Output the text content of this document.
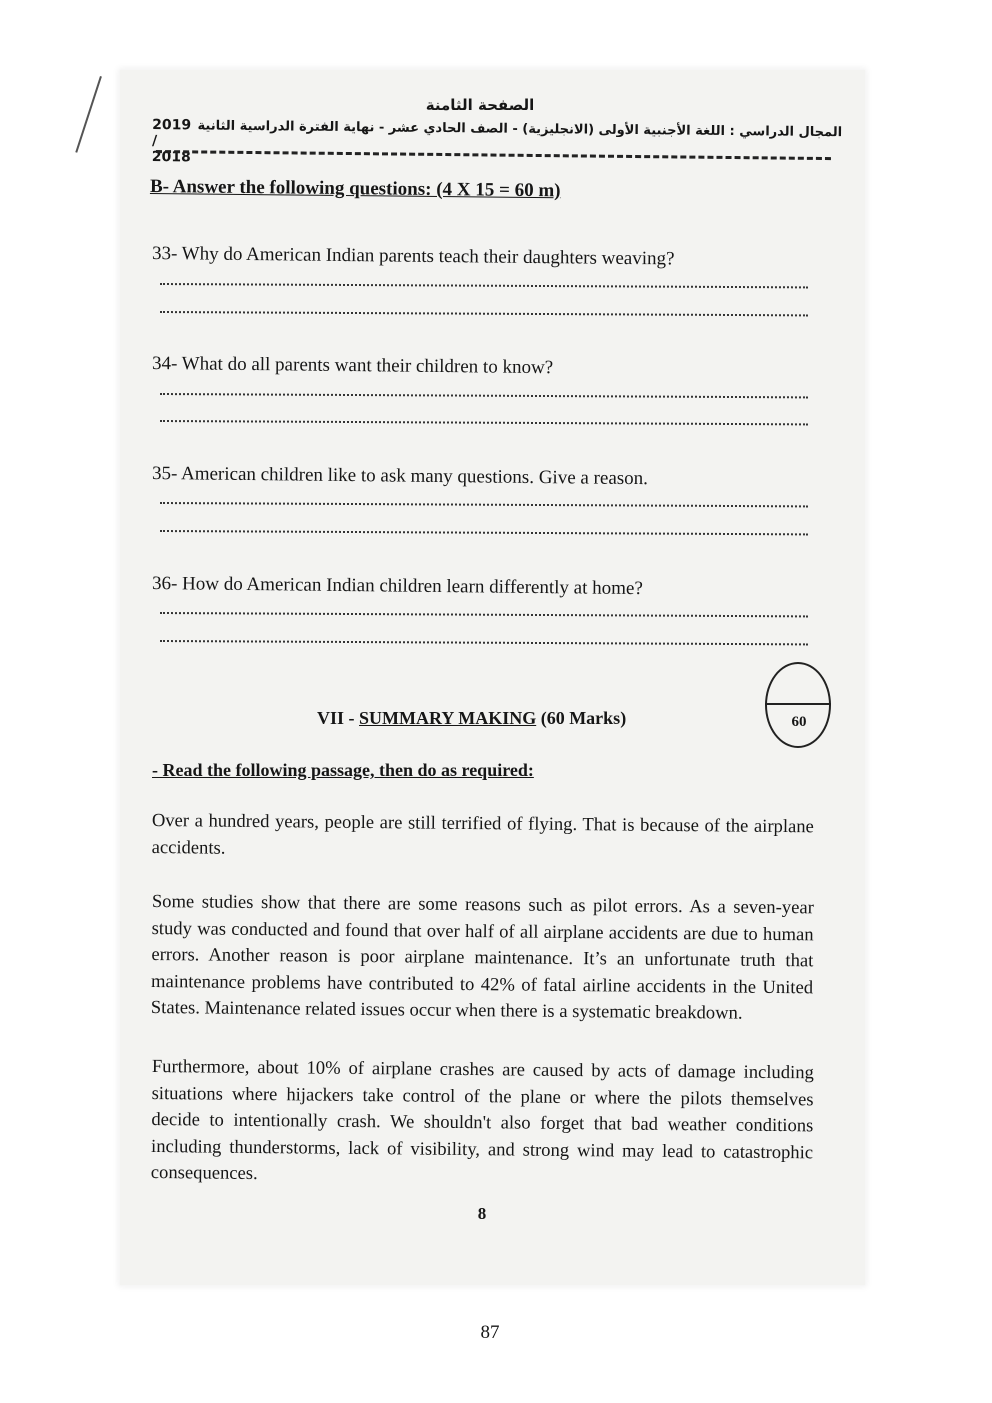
الصفحة الثامنة
2019 / 2018
المجال الدراسي : اللغة الأجنبية الأولى (الانجليزية) - الصف الحادي عشر - نهاية الفترة الدراسية الثانية
B- Answer the following questions: (4 X 15 = 60 m)
33- Why do American Indian parents teach their daughters weaving?
34- What do all parents want their children to know?
35- American children like to ask many questions. Give a reason.
36- How do American Indian children learn differently at home?
VII - SUMMARY MAKING (60 Marks)	60
- Read the following passage, then do as required:
Over a hundred years, people are still terrified of flying. That is because of the airplane accidents.
Some studies show that there are some reasons such as pilot errors. As a seven-year study was conducted and found that over half of all airplane accidents are due to human errors. Another reason is poor airplane maintenance. It’s an unfortunate truth that maintenance problems have contributed to 42% of fatal airline accidents in the United States. Maintenance related issues occur when there is a systematic breakdown.
Furthermore, about 10% of airplane crashes are caused by acts of damage including situations where hijackers take control of the plane or where the pilots themselves decide to intentionally crash. We shouldn't also forget that bad weather conditions including thunderstorms, lack of visibility, and strong wind may lead to catastrophic consequences.
8
87
